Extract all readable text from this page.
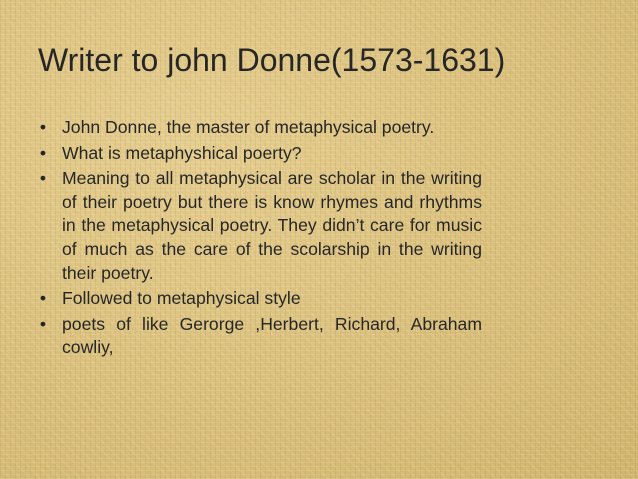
Writer to john Donne(1573-1631)
• John Donne, the master of metaphysical poetry.
• What is metaphyshical poerty?
• Meaning to all metaphysical are scholar in the writing of their poetry but there is know rhymes and rhythms in the metaphysical poetry. They didn’t care for music of much as the care of the scolarship in the writing their poetry.
• Followed to metaphysical style
• poets of like Gerorge ,Herbert, Richard, Abraham cowliy,
